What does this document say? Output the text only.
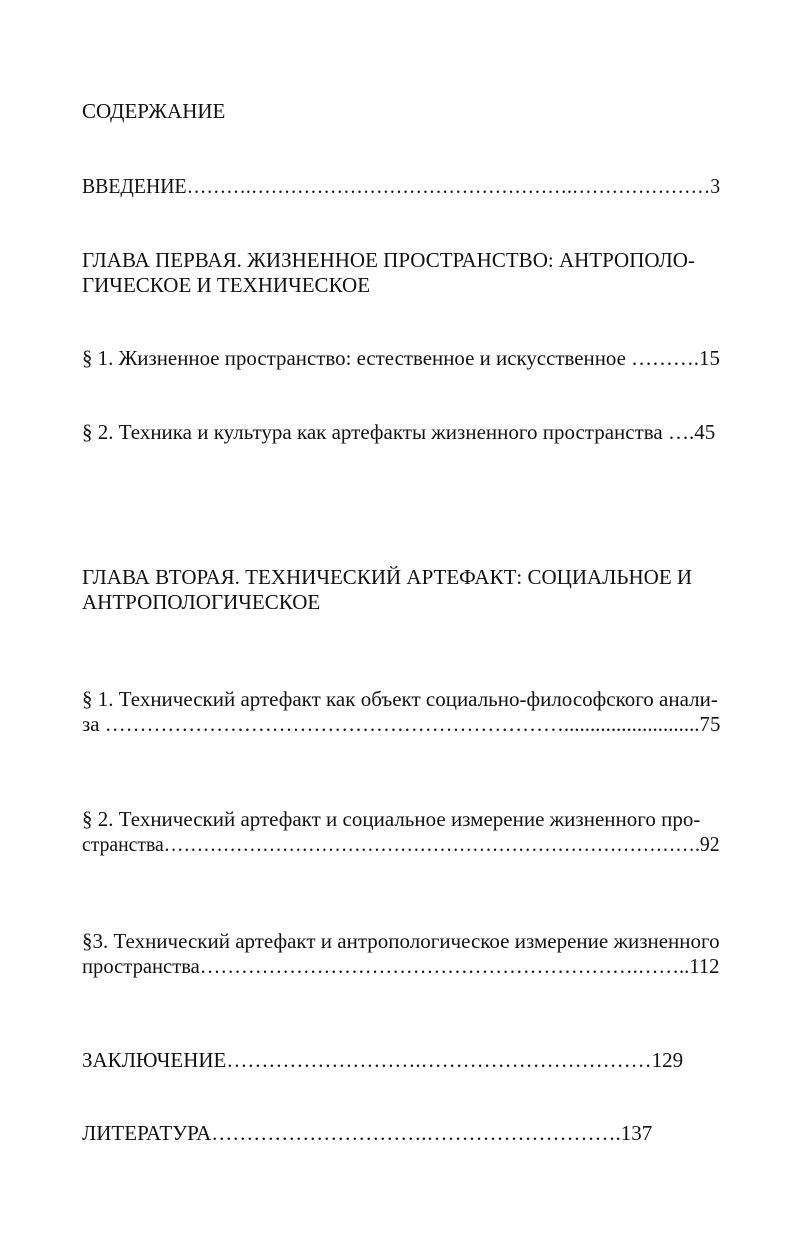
СОДЕРЖАНИЕ
ВВЕДЕНИЕ……….………………………………………….…………………3
ГЛАВА ПЕРВАЯ. ЖИЗНЕННОЕ ПРОСТРАНСТВО: АНТРОПОЛО-
ГИЧЕСКОЕ И ТЕХНИЧЕСКОЕ
§ 1. Жизненное пространство: естественное и искусственное ……….15
§ 2. Техника и культура как артефакты жизненного пространства ….45
ГЛАВА ВТОРАЯ. ТЕХНИЧЕСКИЙ АРТЕФАКТ: СОЦИАЛЬНОЕ И
АНТРОПОЛОГИЧЕСКОЕ
§ 1. Технический артефакт как объект социально-философского анали-
за …………………………………………………………..........................75
§ 2. Технический артефакт и социальное измерение жизненного про-
странства……………………………………………………………………….92
§3. Технический артефакт и антропологическое измерение жизненного
пространства……………………………………………………….……..112
ЗАКЛЮЧЕНИЕ……………………….……………………………129
ЛИТЕРАТУРА………………………….……………………….137
